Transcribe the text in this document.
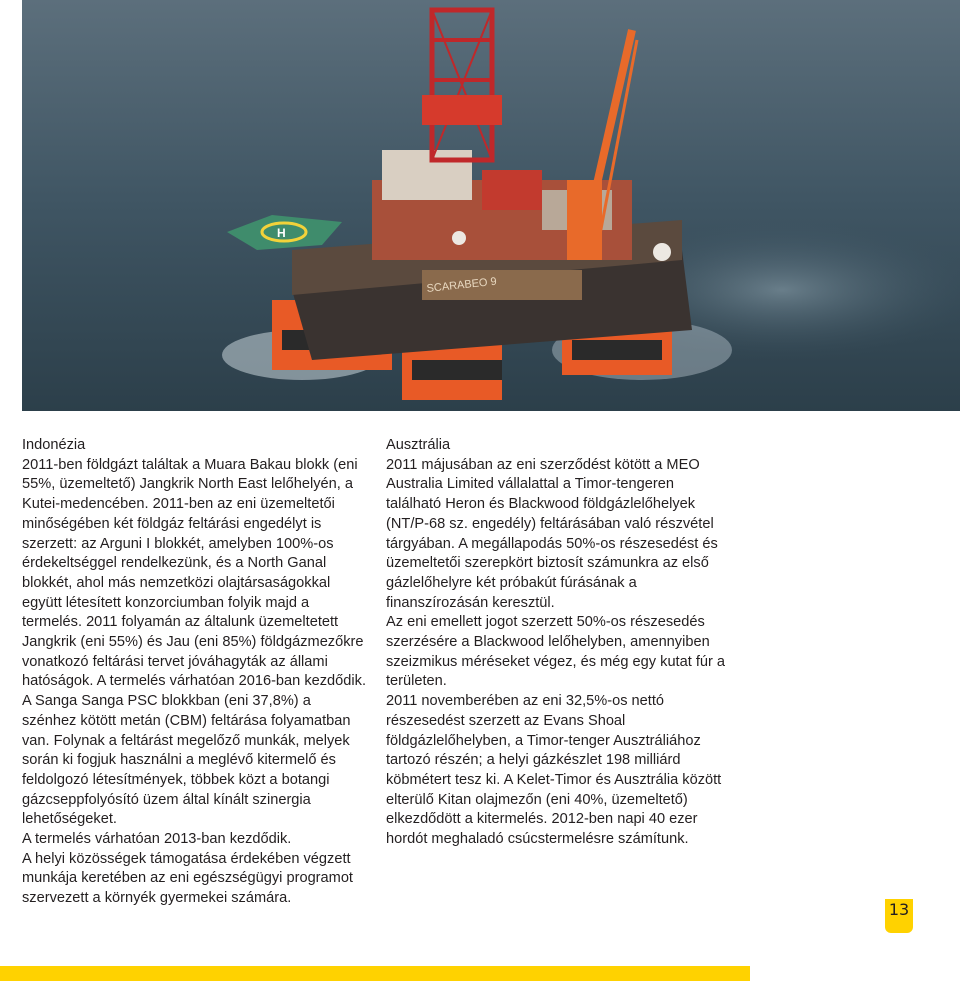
H
SCARABEO 9

Indonézia

2011-ben földgázt találtak a Muara Bakau blokk (eni 55%, üzemeltető) Jangkrik North East lelőhelyén, a Kutei-medencében. 2011-ben az eni üzemeltetői minőségében két földgáz feltárási engedélyt is szerzett: az Arguni I blokkét, amelyben 100%-os érdekeltséggel rendelkezünk, és a North Ganal blokkét, ahol más nemzetközi olajtársaságokkal együtt létesített konzorciumban folyik majd a termelés. 2011 folyamán az általunk üzemeltetett Jangkrik (eni 55%) és Jau (eni 85%) földgázmezőkre vonatkozó feltárási tervet jóváhagyták az állami hatóságok. A termelés várhatóan 2016-ban kezdődik.

A Sanga Sanga PSC blokkban (eni 37,8%) a szénhez kötött metán (CBM) feltárása folyamatban van. Folynak a feltárást megelőző munkák, melyek során ki fogjuk használni a meglévő kitermelő és feldolgozó létesítmények, többek közt a botangi gázcseppfolyósító üzem által kínált szinergia lehetőségeket.

A termelés várhatóan 2013-ban kezdődik.

A helyi közösségek támogatása érdekében végzett munkája keretében az eni egészségügyi programot szervezett a környék gyermekei számára.

Ausztrália

2011 májusában az eni szerződést kötött a MEO Australia Limited vállalattal a Timor-tengeren található Heron és Blackwood földgázlelőhelyek (NT/P-68 sz. engedély) feltárásában való részvétel tárgyában. A megállapodás 50%-os részesedést és üzemeltetői szerepkört biztosít számunkra az első gázlelőhelyre két próbakút fúrásának a finanszírozásán keresztül.

Az eni emellett jogot szerzett 50%-os részesedés szerzésére a Blackwood lelőhelyben, amennyiben szeizmikus méréseket végez, és még egy kutat fúr a területen.

2011 novemberében az eni 32,5%-os nettó részesedést szerzett az Evans Shoal földgázlelőhelyben, a Timor-tenger Ausztráliához tartozó részén; a helyi gázkészlet 198 milliárd köbmétert tesz ki. A Kelet-Timor és Ausztrália között elterülő Kitan olajmezőn (eni 40%, üzemeltető) elkezdődött a kitermelés. 2012-ben napi 40 ezer hordót meghaladó csúcstermelésre számítunk.

13
